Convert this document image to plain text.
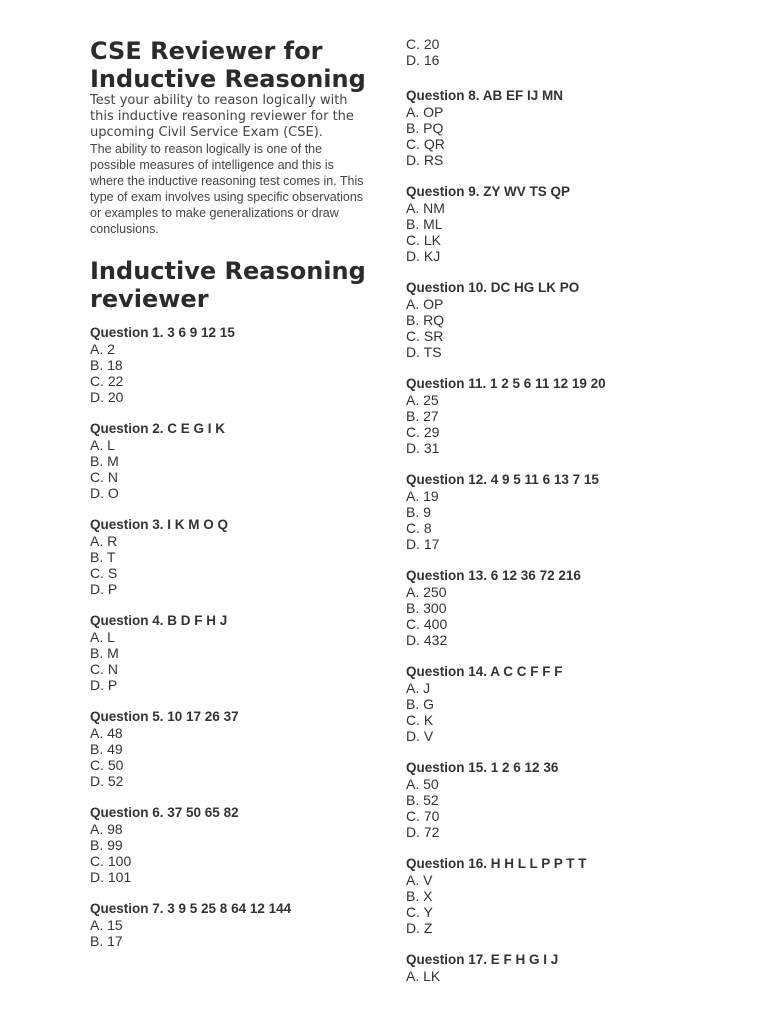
CSE Reviewer for Inductive Reasoning

Test your ability to reason logically with this inductive reasoning reviewer for the upcoming Civil Service Exam (CSE).

The ability to reason logically is one of the possible measures of intelligence and this is where the inductive reasoning test comes in. This type of exam involves using specific observations or examples to make generalizations or draw conclusions.

Inductive Reasoning reviewer
Question 1. 3 6 9 12 15
A. 2
B. 18
C. 22
D. 20
Question 2. C E G I K
A. L
B. M
C. N
D. O
Question 3. I K M O Q
A. R
B. T
C. S
D. P
Question 4. B D F H J
A. L
B. M
C. N
D. P
Question 5. 10 17 26 37
A. 48
B. 49
C. 50
D. 52
Question 6. 37 50 65 82
A. 98
B. 99
C. 100
D. 101
Question 7. 3 9 5 25 8 64 12 144
A. 15
B. 17
C. 20
D. 16
Question 8. AB EF IJ MN
A. OP
B. PQ
C. QR
D. RS
Question 9. ZY WV TS QP
A. NM
B. ML
C. LK
D. KJ
Question 10. DC HG LK PO
A. OP
B. RQ
C. SR
D. TS
Question 11. 1 2 5 6 11 12 19 20
A. 25
B. 27
C. 29
D. 31
Question 12. 4 9 5 11 6 13 7 15
A. 19
B. 9
C. 8
D. 17
Question 13. 6 12 36 72 216
A. 250
B. 300
C. 400
D. 432
Question 14. A C C F F F
A. J
B. G
C. K
D. V
Question 15. 1 2 6 12 36
A. 50
B. 52
C. 70
D. 72
Question 16. H H L L P P T T
A. V
B. X
C. Y
D. Z
Question 17. E F H G I J
A. LK
